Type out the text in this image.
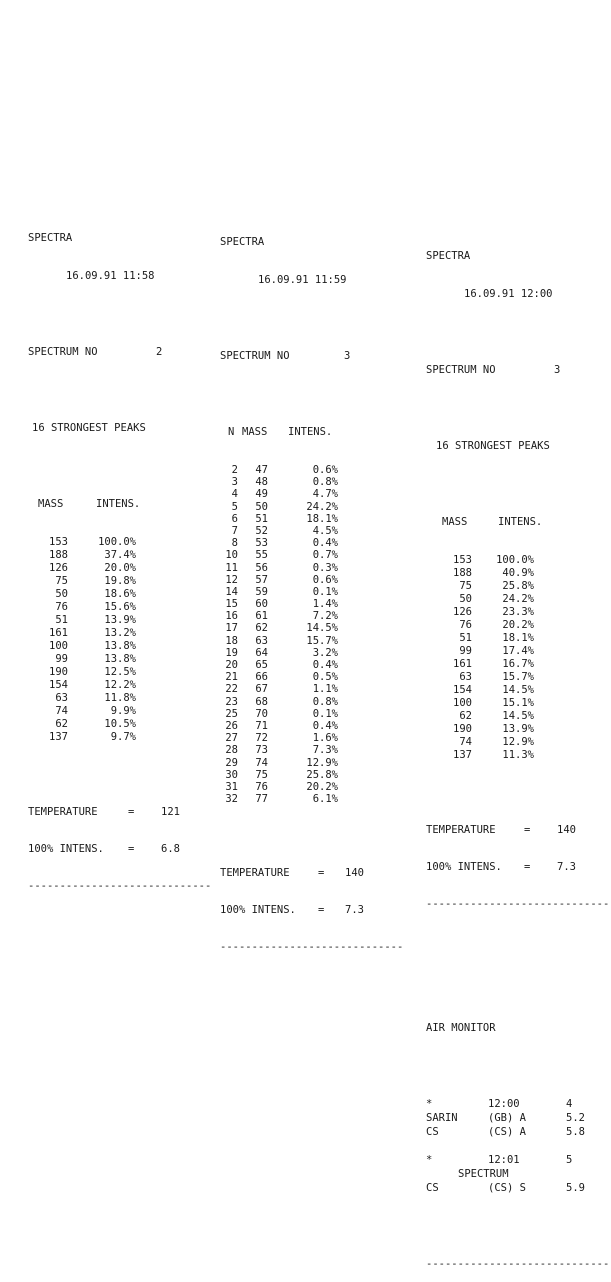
SPECTRA

16.09.91 11:58

SPECTRUM NO	2

16 STRONGEST PEAKS

MASS	INTENS.

153	100.0%
188	37.4%
126	20.0%
75	19.8%
50	18.6%
76	15.6%
51	13.9%
161	13.2%
100	13.8%
99	13.8%
190	12.5%
154	12.2%
63	11.8%
74	9.9%
62	10.5%
137	9.7%

TEMPERATURE	=	121

100% INTENS.	=	6.8

-----------------------------

SPECTRA

16.09.91 11:59

SPECTRUM NO	3

N MASS	INTENS.

2	47	0.6%
3	48	0.8%
4	49	4.7%
5	50	24.2%
6	51	18.1%
7	52	4.5%
8	53	0.4%
10	55	0.7%
11	56	0.3%
12	57	0.6%
14	59	0.1%
15	60	1.4%
16	61	7.2%
17	62	14.5%
18	63	15.7%
19	64	3.2%
20	65	0.4%
21	66	0.5%
22	67	1.1%
23	68	0.8%
25	70	0.1%
26	71	0.4%
27	72	1.6%
28	73	7.3%
29	74	12.9%
30	75	25.8%
31	76	20.2%
32	77	6.1%

TEMPERATURE	=	140

100% INTENS.	=	7.3

-----------------------------

SPECTRA

16.09.91 12:00

SPECTRUM NO	3

16 STRONGEST PEAKS

MASS	INTENS.

153	100.0%
188	40.9%
75	25.8%
50	24.2%
126	23.3%
76	20.2%
51	18.1%
99	17.4%
161	16.7%
63	15.7%
154	14.5%
100	15.1%
62	14.5%
190	13.9%
74	12.9%
137	11.3%

TEMPERATURE	=	140

100% INTENS.	=	7.3

-----------------------------

AIR MONITOR

*	12:00	4
SARIN	(GB) A	5.2
CS	(CS) A	5.8
*	12:01	5
SPECTRUM
CS	(CS) S	5.9

-----------------------------
